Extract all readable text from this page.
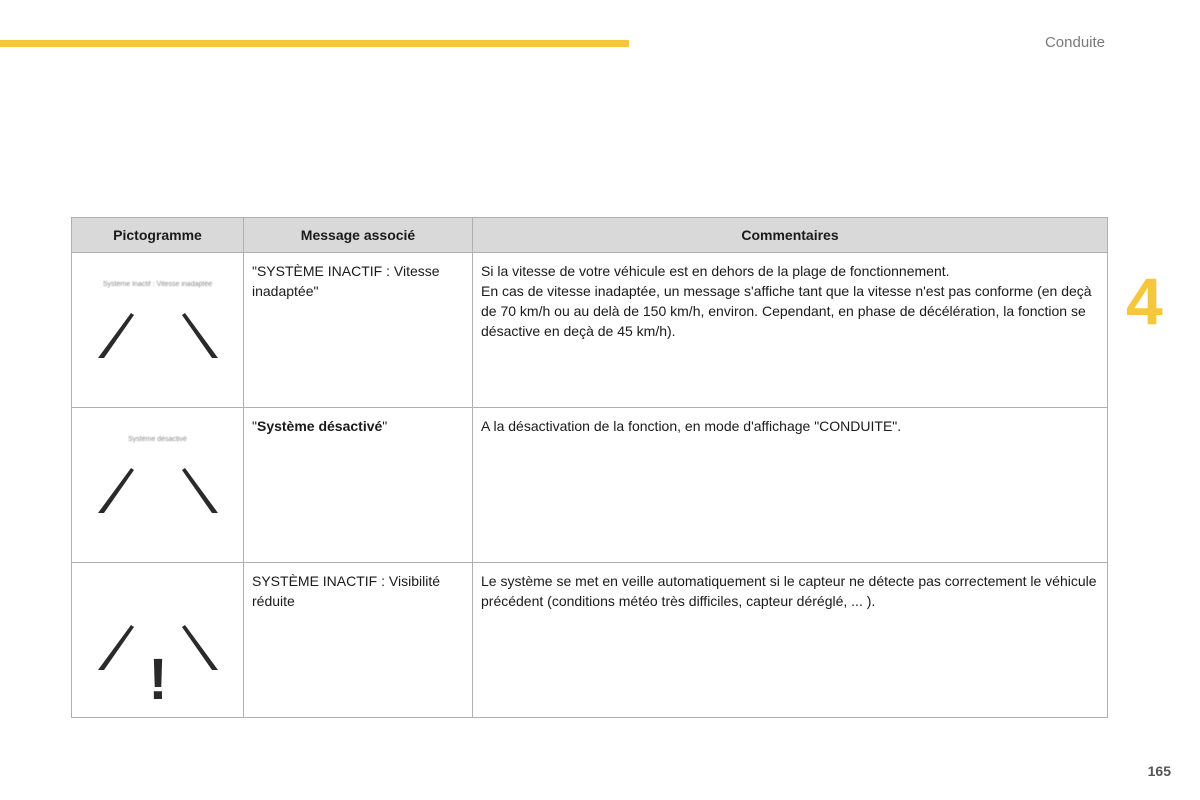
Conduite
4
Pictogramme	Message associé	Commentaires

Système Inactif : Vitesse inadaptée	"SYSTÈME INACTIF : Vitesse inadaptée"	Si la vitesse de votre véhicule est en dehors de la plage de fonctionnement.
En cas de vitesse inadaptée, un message s'affiche tant que la vitesse n'est pas conforme (en deçà de 70 km/h ou au delà de 150 km/h, environ. Cependant, en phase de décélération, la fonction se désactive en deçà de 45 km/h).

Système désactivé	"Système désactivé"	A la désactivation de la fonction, en mode d'affichage "CONDUITE".

!	SYSTÈME INACTIF : Visibilité réduite	Le système se met en veille automatiquement si le capteur ne détecte pas correctement le véhicule précédent (conditions météo très difficiles, capteur déréglé, ... ).
165
